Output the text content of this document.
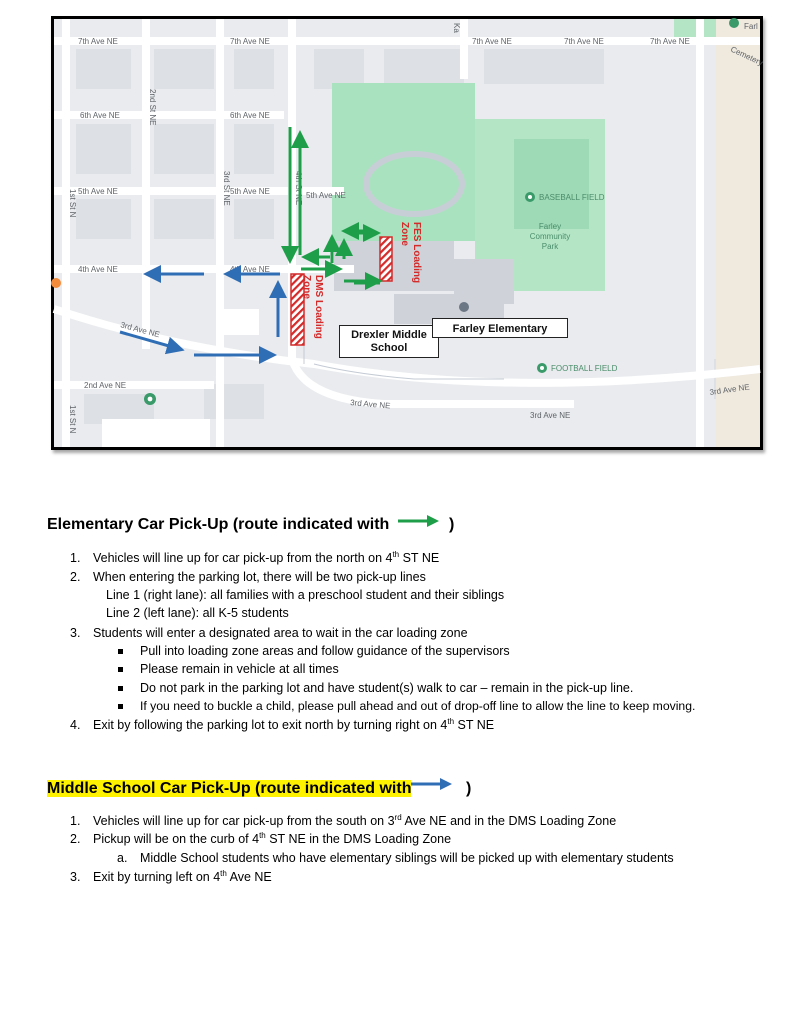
7th Ave NE	7th Ave NE	7th Ave NE	7th Ave NE	7th Ave NE
Cemetery
6th Ave NE	6th Ave NE
5th Ave NE	5th Ave NE	5th Ave NE
4th Ave NE	4th Ave NE
3rd Ave NE
3rd Ave NE
3rd Ave NE
3rd Ave NE
2nd Ave NE
2nd St NE
3rd St NE	4th St NE
1st St N
1st St N
Ka	Farl
BASEBALL FIELD
Farley Community Park
FOOTBALL FIELD
FES LoadingZone
DMS LoadingZone
Drexler Middle
School
Farley Elementary
Elementary Car Pick-Up (route indicated with	)
1. Vehicles will line up for car pick-up from the north on 4th ST NE
2. When entering the parking lot, there will be two pick-up lines
Line 1 (right lane): all families with a preschool student and their siblings
Line 2 (left lane): all K-5 students
3. Students will enter a designated area to wait in the car loading zone
Pull into loading zone areas and follow guidance of the supervisors
Please remain in vehicle at all times
Do not park in the parking lot and have student(s) walk to car – remain in the pick-up line.
If you need to buckle a child, please pull ahead and out of drop-off line to allow the line to keep moving.
4. Exit by following the parking lot to exit north by turning right on 4th ST NE
Middle School Car Pick-Up (route indicated with	)
1. Vehicles will line up for car pick-up from the south on 3rd Ave NE and in the DMS Loading Zone
2. Pickup will be on the curb of 4th ST NE in the DMS Loading Zone
a. Middle School students who have elementary siblings will be picked up with elementary students
3. Exit by turning left on 4th Ave NE
